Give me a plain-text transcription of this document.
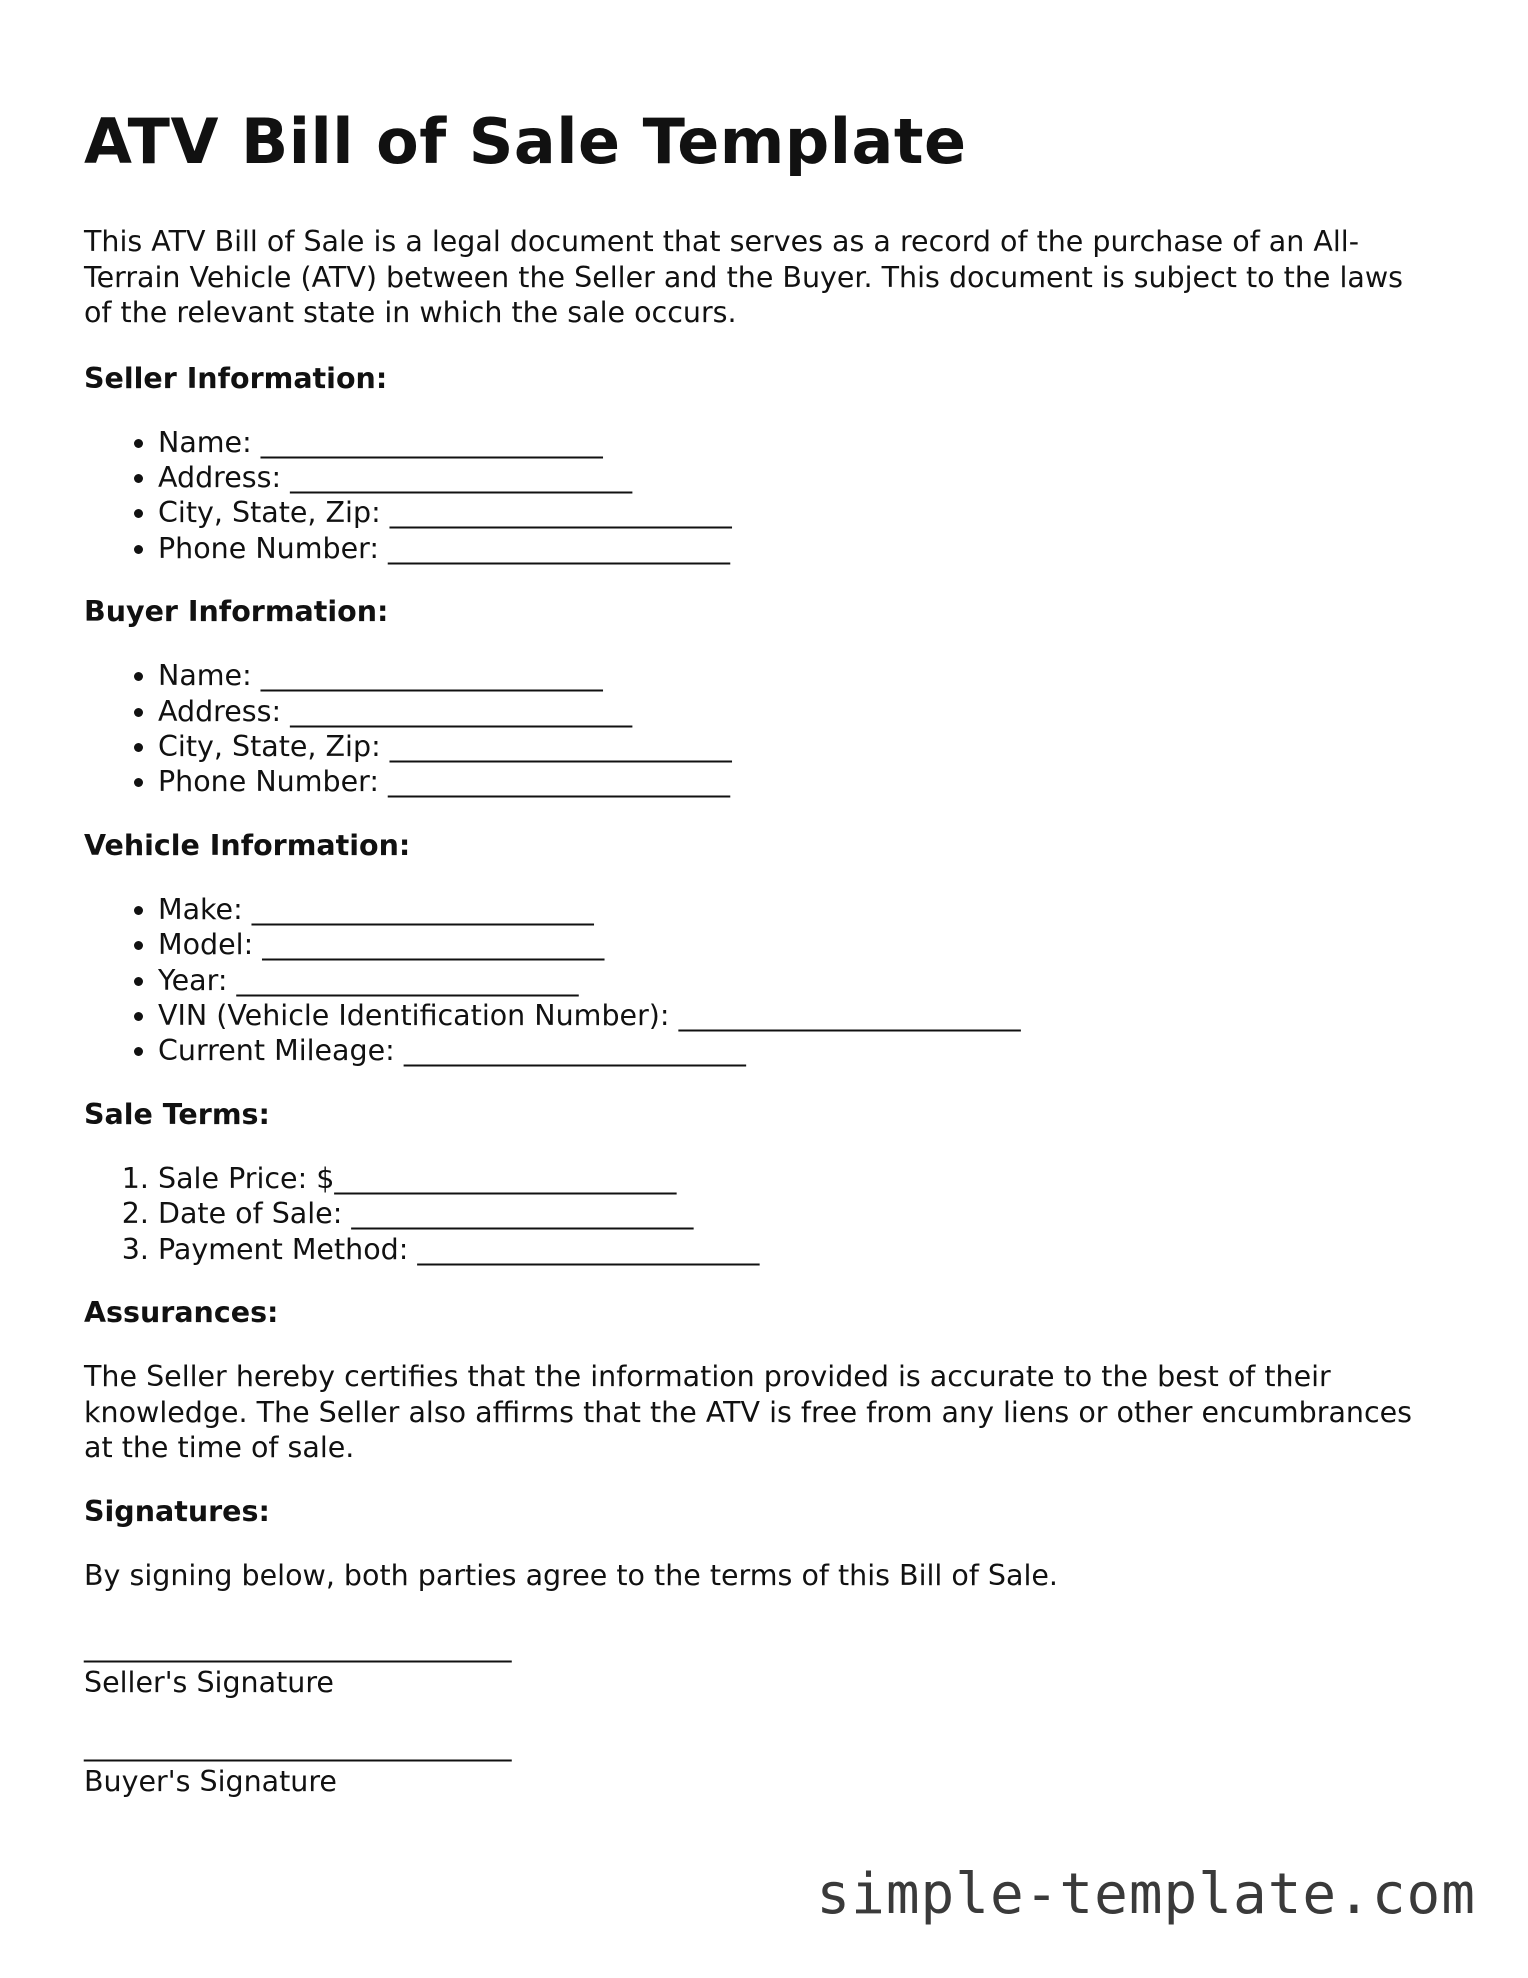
ATV Bill of Sale Template

This ATV Bill of Sale is a legal document that serves as a record of the purchase of an All-Terrain Vehicle (ATV) between the Seller and the Buyer. This document is subject to the laws of the relevant state in which the sale occurs.

Seller Information:
• Name: ________________________
• Address: ________________________
• City, State, Zip: ________________________
• Phone Number: ________________________
Buyer Information:
• Name: ________________________
• Address: ________________________
• City, State, Zip: ________________________
• Phone Number: ________________________
Vehicle Information:
• Make: ________________________
• Model: ________________________
• Year: ________________________
• VIN (Vehicle Identification Number): ________________________
• Current Mileage: ________________________
Sale Terms:
1. Sale Price: $________________________
2. Date of Sale: ________________________
3. Payment Method: ________________________
Assurances:

The Seller hereby certifies that the information provided is accurate to the best of their knowledge. The Seller also affirms that the ATV is free from any liens or other encumbrances at the time of sale.

Signatures:

By signing below, both parties agree to the terms of this Bill of Sale.

______________________________
Seller's Signature
______________________________
Buyer's Signature
simple-template.com
